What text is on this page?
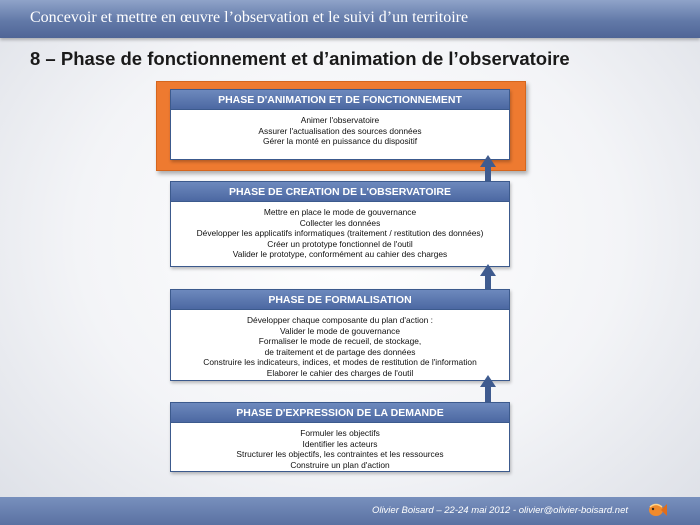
Concevoir et mettre en œuvre l’observation et le suivi d’un territoire
8 – Phase de fonctionnement et d’animation de l’observatoire
PHASE D'ANIMATION ET DE FONCTIONNEMENT
Animer l'observatoire
Assurer l'actualisation des sources données
Gérer la monté en puissance du dispositif
PHASE DE CREATION DE L'OBSERVATOIRE
Mettre en place le mode de gouvernance
Collecter les données
Développer les applicatifs informatiques (traitement / restitution des données)
Créer un prototype fonctionnel de l'outil
Valider le prototype, conformément au cahier des charges
PHASE DE FORMALISATION
Développer chaque composante du plan d'action :
Valider le mode de gouvernance
Formaliser le mode de recueil, de stockage,
de traitement et de partage des données
Construire les indicateurs, indices, et modes de restitution de l'information
Elaborer le cahier des charges de l'outil
PHASE D'EXPRESSION DE LA DEMANDE
Formuler les objectifs
Identifier les acteurs
Structurer les objectifs, les contraintes et les ressources
Construire un plan d'action
Olivier Boisard – 22-24 mai 2012 - olivier@olivier-boisard.net
